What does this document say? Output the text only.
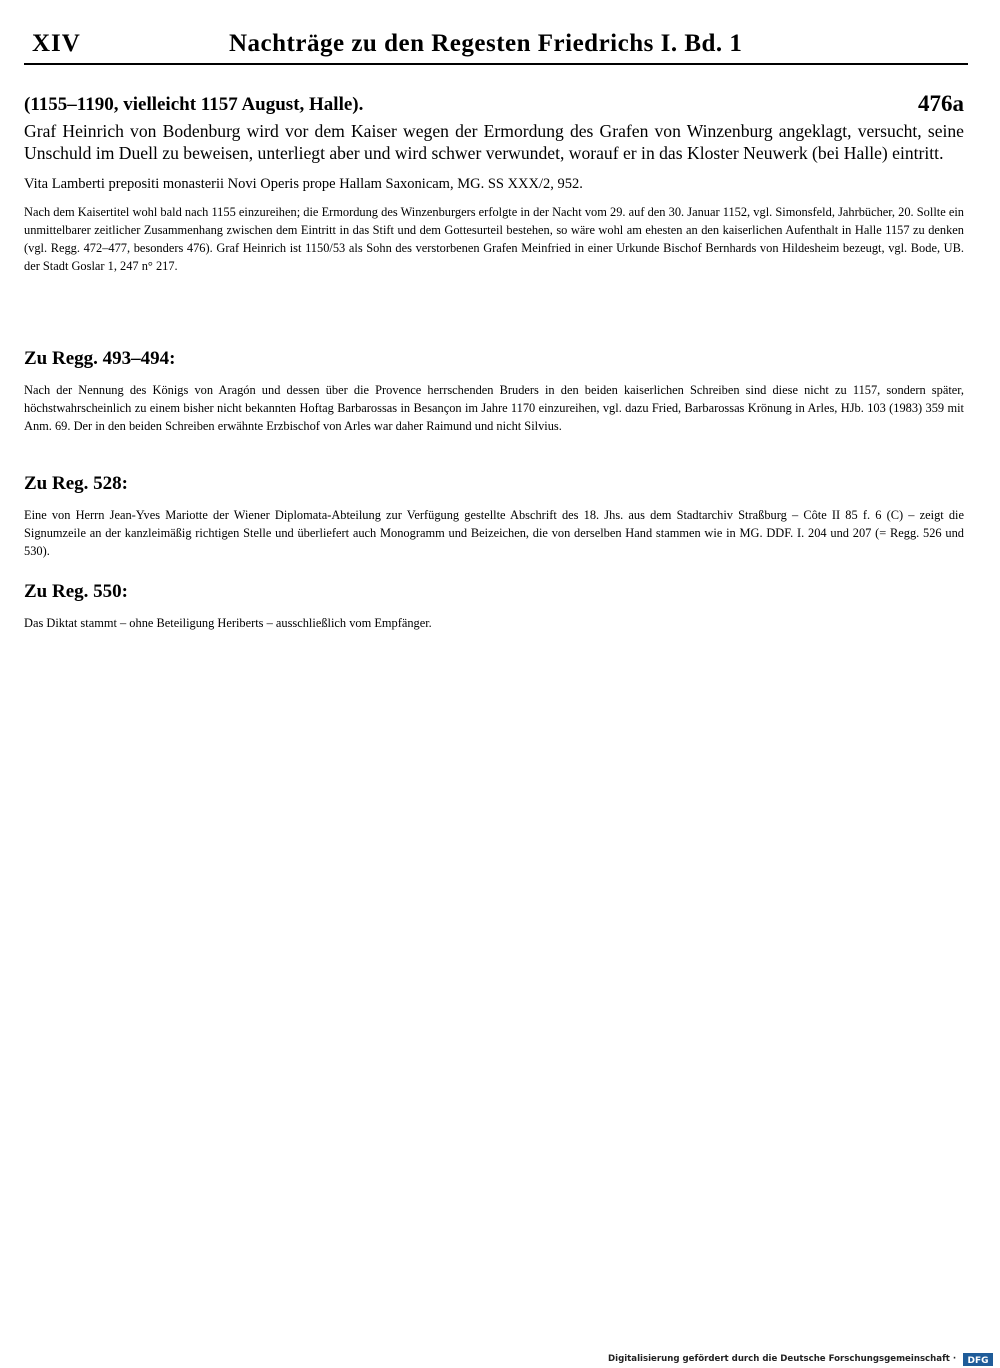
XIV	Nachträge zu den Regesten Friedrichs I. Bd. 1
(1155–1190, vielleicht 1157 August, Halle).	476a

Graf Heinrich von Bodenburg wird vor dem Kaiser wegen der Ermordung des Grafen von Winzenburg angeklagt, versucht, seine Unschuld im Duell zu beweisen, unterliegt aber und wird schwer verwundet, worauf er in das Kloster Neuwerk (bei Halle) eintritt.

Vita Lamberti prepositi monasterii Novi Operis prope Hallam Saxonicam, MG. SS XXX/2, 952.

Nach dem Kaisertitel wohl bald nach 1155 einzureihen; die Ermordung des Winzenburgers erfolgte in der Nacht vom 29. auf den 30. Januar 1152, vgl. Simonsfeld, Jahrbücher, 20. Sollte ein unmittelbarer zeitlicher Zusammenhang zwischen dem Eintritt in das Stift und dem Gottesurteil bestehen, so wäre wohl am ehesten an den kaiserlichen Aufenthalt in Halle 1157 zu denken (vgl. Regg. 472–477, besonders 476). Graf Heinrich ist 1150/53 als Sohn des verstorbenen Grafen Meinfried in einer Urkunde Bischof Bernhards von Hildesheim bezeugt, vgl. Bode, UB. der Stadt Goslar 1, 247 n° 217.

Zu Regg. 493–494:

Nach der Nennung des Königs von Aragón und dessen über die Provence herrschenden Bruders in den beiden kaiserlichen Schreiben sind diese nicht zu 1157, sondern später, höchstwahrscheinlich zu einem bisher nicht bekannten Hoftag Barbarossas in Besançon im Jahre 1170 einzureihen, vgl. dazu Fried, Barbarossas Krönung in Arles, HJb. 103 (1983) 359 mit Anm. 69. Der in den beiden Schreiben erwähnte Erzbischof von Arles war daher Raimund und nicht Silvius.

Zu Reg. 528:

Eine von Herrn Jean-Yves Mariotte der Wiener Diplomata-Abteilung zur Verfügung gestellte Abschrift des 18. Jhs. aus dem Stadtarchiv Straßburg – Côte II 85 f. 6 (C) – zeigt die Signumzeile an der kanzleimäßig richtigen Stelle und überliefert auch Monogramm und Beizeichen, die von derselben Hand stammen wie in MG. DDF. I. 204 und 207 (= Regg. 526 und 530).

Zu Reg. 550:

Das Diktat stammt – ohne Beteiligung Heriberts – ausschließlich vom Empfänger.

Digitalisierung gefördert durch die Deutsche Forschungsgemeinschaft · DFG
